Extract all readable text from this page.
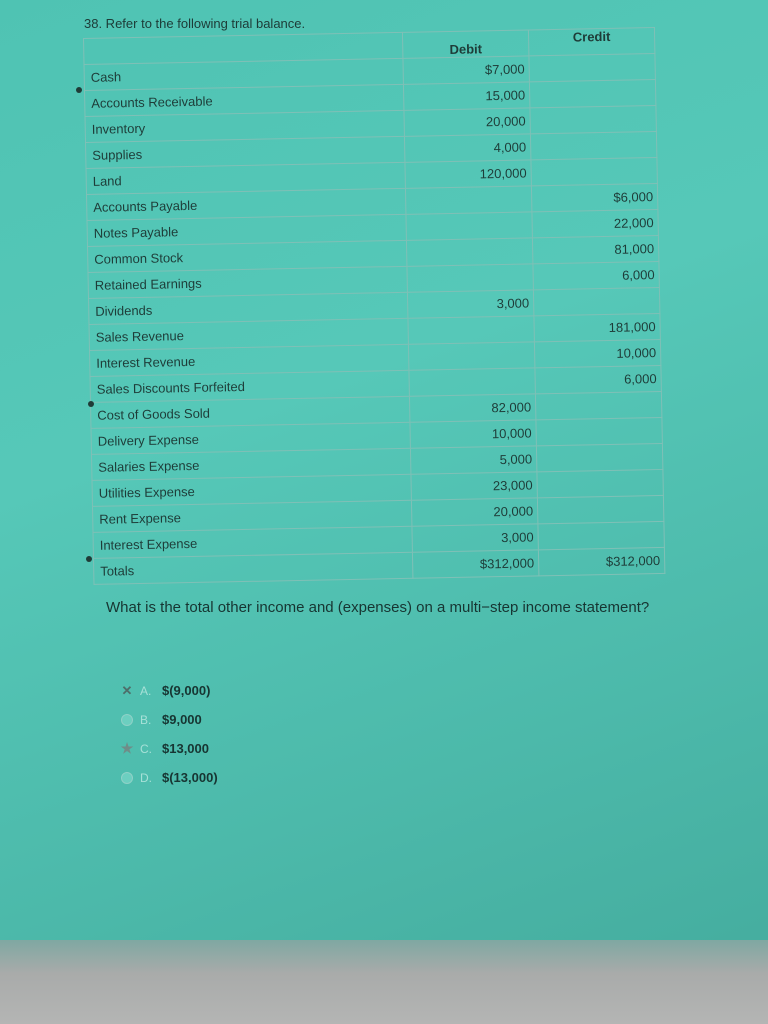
38. Refer to the following trial balance.
	Debit	Credit
Cash	$7,000	
Accounts Receivable	15,000	
Inventory	20,000	
Supplies	4,000	
Land	120,000	
Accounts Payable		$6,000
Notes Payable		22,000
Common Stock		81,000
Retained Earnings		6,000
Dividends	3,000	
Sales Revenue		181,000
Interest Revenue		10,000
Sales Discounts Forfeited		6,000
Cost of Goods Sold	82,000	
Delivery Expense	10,000	
Salaries Expense	5,000	
Utilities Expense	23,000	
Rent Expense	20,000	
Interest Expense	3,000	
Totals	$312,000	$312,000
What is the total other income and (expenses) on a multi−step income statement?
✕ A. $(9,000)
B. $9,000
★ C. $13,000
D. $(13,000)
